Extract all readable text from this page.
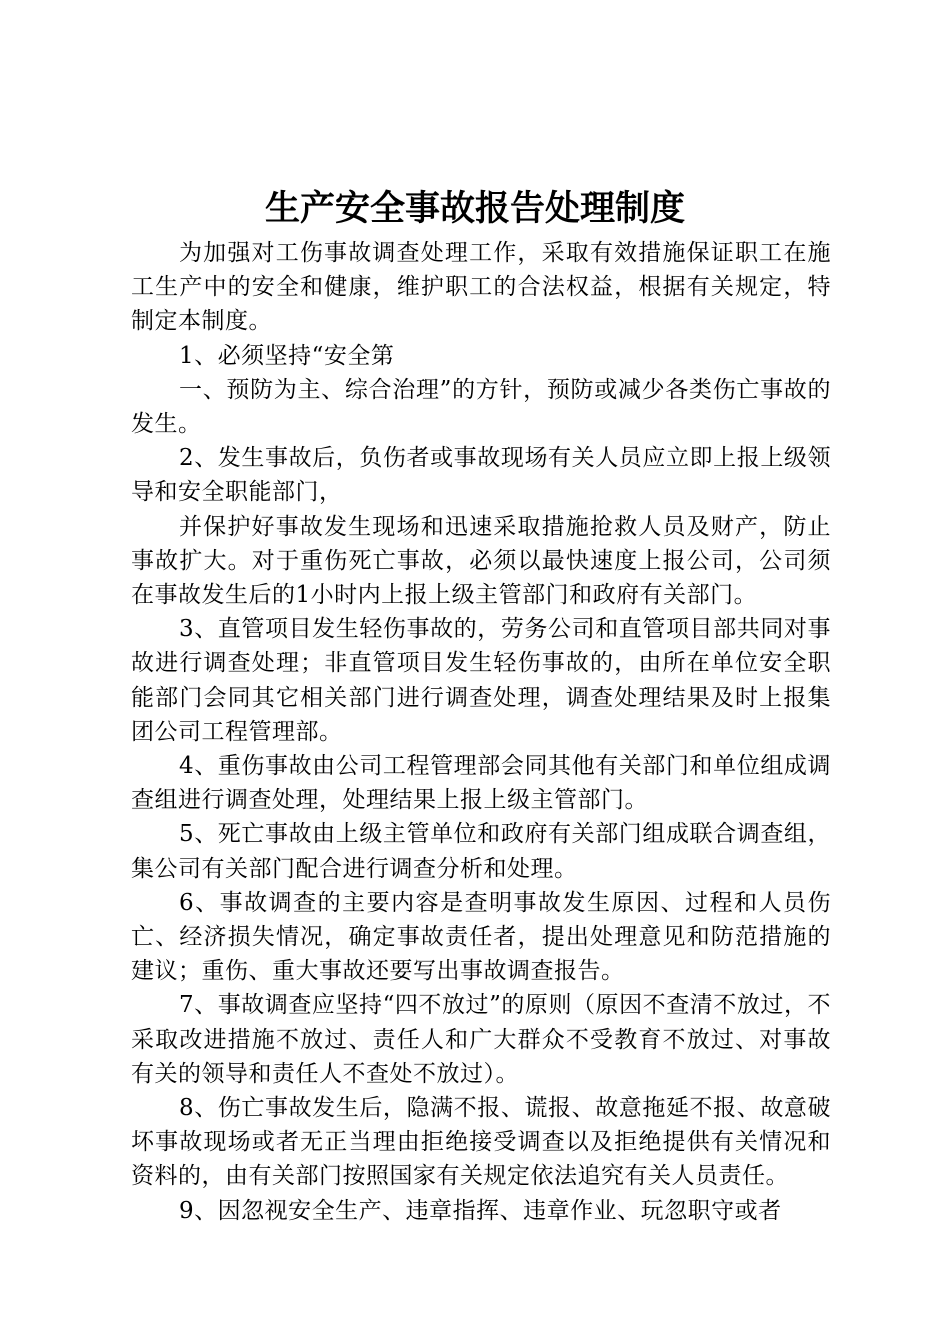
生产安全事故报告处理制度

为加强对工伤事故调查处理工作，采取有效措施保证职工在施工生产中的安全和健康，维护职工的合法权益，根据有关规定，特制定本制度。

1、必须坚持“安全第

一、预防为主、综合治理”的方针，预防或减少各类伤亡事故的发生。

2、发生事故后，负伤者或事故现场有关人员应立即上报上级领导和安全职能部门，

并保护好事故发生现场和迅速采取措施抢救人员及财产，防止事故扩大。对于重伤死亡事故，必须以最快速度上报公司，公司须在事故发生后的1小时内上报上级主管部门和政府有关部门。

3、直管项目发生轻伤事故的，劳务公司和直管项目部共同对事故进行调查处理；非直管项目发生轻伤事故的，由所在单位安全职能部门会同其它相关部门进行调查处理，调查处理结果及时上报集团公司工程管理部。

4、重伤事故由公司工程管理部会同其他有关部门和单位组成调查组进行调查处理，处理结果上报上级主管部门。

5、死亡事故由上级主管单位和政府有关部门组成联合调查组，集公司有关部门配合进行调查分析和处理。

6、事故调查的主要内容是查明事故发生原因、过程和人员伤亡、经济损失情况，确定事故责任者，提出处理意见和防范措施的建议；重伤、重大事故还要写出事故调查报告。

7、事故调查应坚持“四不放过”的原则（原因不查清不放过，不采取改进措施不放过、责任人和广大群众不受教育不放过、对事故有关的领导和责任人不查处不放过）。

8、伤亡事故发生后，隐满不报、谎报、故意拖延不报、故意破坏事故现场或者无正当理由拒绝接受调查以及拒绝提供有关情况和资料的，由有关部门按照国家有关规定依法追究有关人员责任。

9、因忽视安全生产、违章指挥、违章作业、玩忽职守或者
